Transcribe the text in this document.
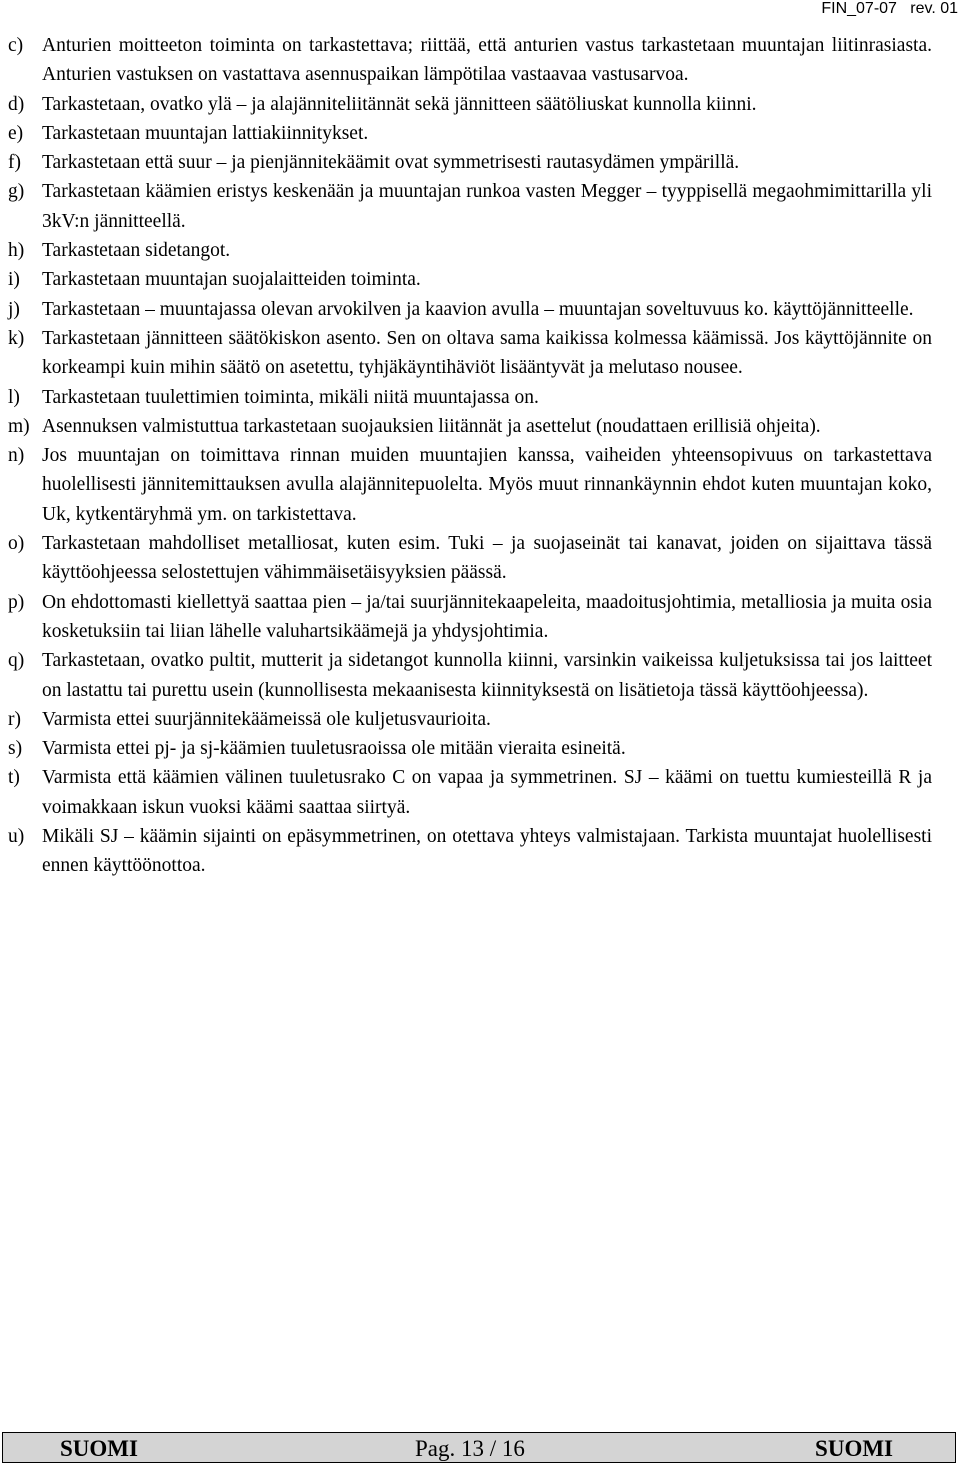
FIN_07-07   rev. 01
c) Anturien moitteeton toiminta on tarkastettava; riittää, että anturien vastus tarkastetaan muuntajan liitinrasiasta. Anturien vastuksen on vastattava asennuspaikan lämpötilaa vastaavaa vastusarvoa.
d) Tarkastetaan, ovatko ylä – ja alajänniteliitännät sekä jännitteen säätöliuskat kunnolla kiinni.
e) Tarkastetaan muuntajan lattiakiinnitykset.
f) Tarkastetaan että suur – ja pienjännitekäämit ovat symmetrisesti rautasydämen ympärillä.
g) Tarkastetaan käämien eristys keskenään ja muuntajan runkoa vasten Megger – tyyppisellä megaohmimittarilla yli 3kV:n jännitteellä.
h) Tarkastetaan sidetangot.
i) Tarkastetaan muuntajan suojalaitteiden toiminta.
j) Tarkastetaan – muuntajassa olevan arvokilven ja kaavion avulla – muuntajan soveltuvuus ko. käyttöjännitteelle.
k) Tarkastetaan jännitteen säätökiskon asento. Sen on oltava sama kaikissa kolmessa käämissä. Jos käyttöjännite on korkeampi kuin mihin säätö on asetettu, tyhjäkäyntihäviöt lisääntyvät ja melutaso nousee.
l) Tarkastetaan tuulettimien toiminta, mikäli niitä muuntajassa on.
m) Asennuksen valmistuttua tarkastetaan suojauksien liitännät ja asettelut (noudattaen erillisiä ohjeita).
n) Jos muuntajan on toimittava rinnan muiden muuntajien kanssa, vaiheiden yhteensopivuus on tarkastettava huolellisesti jännitemittauksen avulla alajännitepuolelta. Myös muut rinnankäynnin ehdot kuten muuntajan koko, Uk, kytkentäryhmä ym. on tarkistettava.
o) Tarkastetaan mahdolliset metalliosat, kuten esim. Tuki – ja suojaseinät tai kanavat, joiden on sijaittava tässä käyttöohjeessa selostettujen vähimmäisetäisyyksien päässä.
p) On ehdottomasti kiellettyä saattaa pien – ja/tai suurjännitekaapeleita, maadoitusjohtimia, metalliosia ja muita osia kosketuksiin tai liian lähelle valuhartsikäämejä ja yhdysjohtimia.
q) Tarkastetaan, ovatko pultit, mutterit ja sidetangot kunnolla kiinni, varsinkin vaikeissa kuljetuksissa tai jos laitteet on lastattu tai purettu usein (kunnollisesta mekaanisesta kiinnityksestä on lisätietoja tässä käyttöohjeessa).
r) Varmista ettei suurjännitekäämeissä ole kuljetusvaurioita.
s) Varmista ettei pj- ja sj-käämien tuuletusraoissa ole mitään vieraita esineitä.
t) Varmista että käämien välinen tuuletusrako C on vapaa ja symmetrinen. SJ – käämi on tuettu kumiesteillä R ja voimakkaan iskun vuoksi käämi saattaa siirtyä.
u) Mikäli SJ – käämin sijainti on epäsymmetrinen, on otettava yhteys valmistajaan. Tarkista muuntajat huolellisesti ennen käyttöönottoa.
SUOMI	Pag. 13 / 16	SUOMI
